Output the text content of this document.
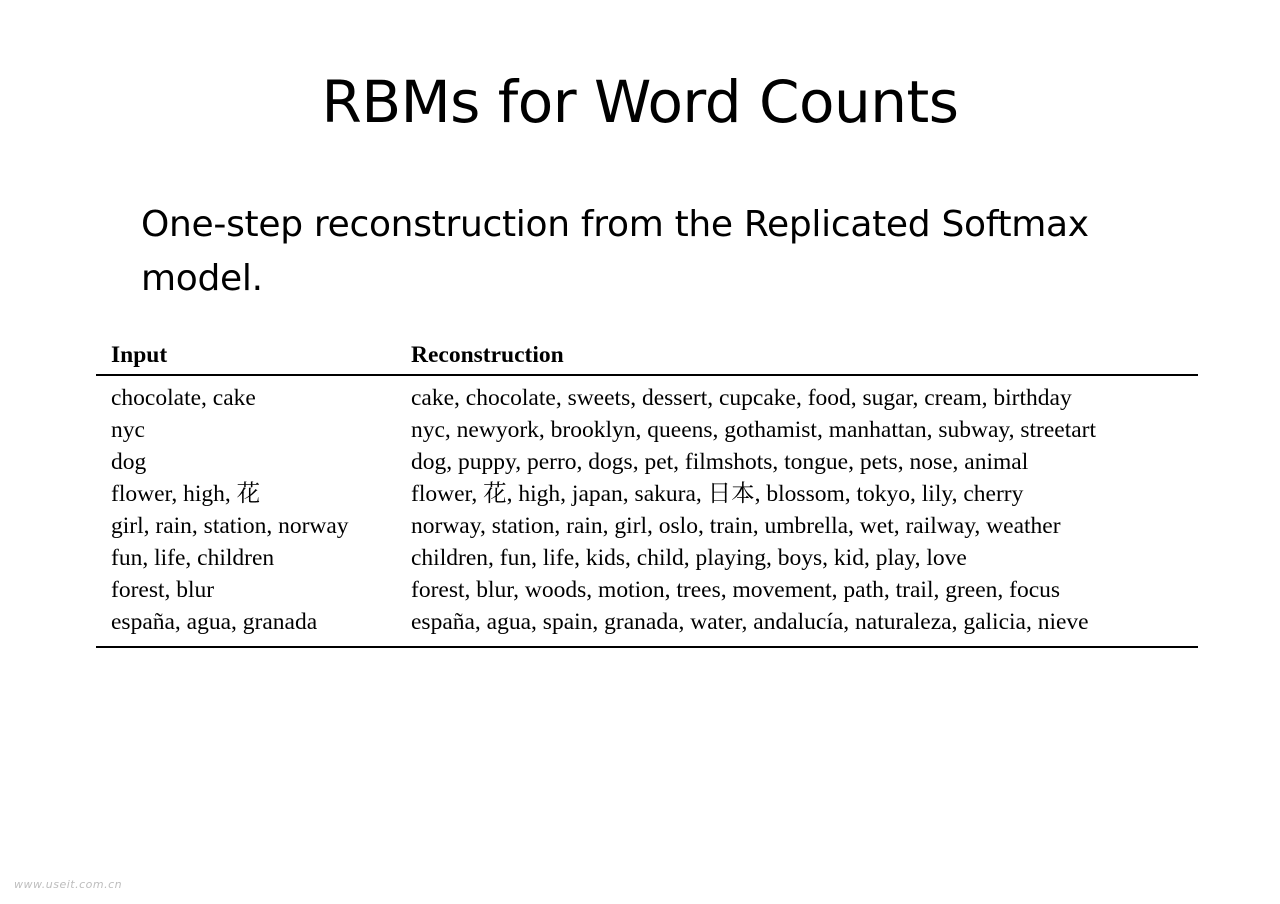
RBMs for Word Counts

One-step reconstruction from the Replicated Softmax
model.

Input	Reconstruction
chocolate, cake	cake, chocolate, sweets, dessert, cupcake, food, sugar, cream, birthday
nyc	nyc, newyork, brooklyn, queens, gothamist, manhattan, subway, streetart
dog	dog, puppy, perro, dogs, pet, filmshots, tongue, pets, nose, animal
flower, high, 花	flower, 花, high, japan, sakura, 日本, blossom, tokyo, lily, cherry
girl, rain, station, norway	norway, station, rain, girl, oslo, train, umbrella, wet, railway, weather
fun, life, children	children, fun, life, kids, child, playing, boys, kid, play, love
forest, blur	forest, blur, woods, motion, trees, movement, path, trail, green, focus
españa, agua, granada	españa, agua, spain, granada, water, andalucía, naturaleza, galicia, nieve
www.useit.com.cn
